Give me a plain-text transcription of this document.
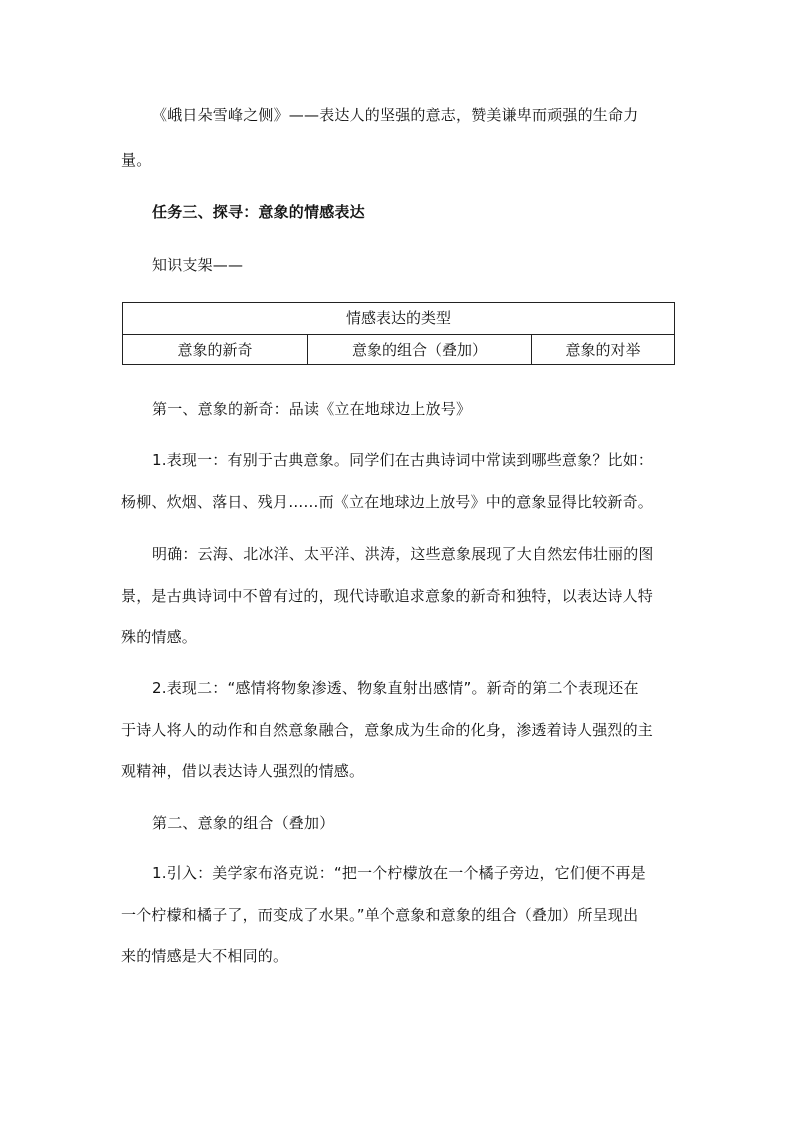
《峨日朵雪峰之侧》——表达人的坚强的意志，赞美谦卑而顽强的生命力
量。
任务三、探寻：意象的情感表达
知识支架——
情感表达的类型
意象的新奇	意象的组合（叠加）	意象的对举
第一、意象的新奇：品读《立在地球边上放号》
1.表现一：有别于古典意象。同学们在古典诗词中常读到哪些意象？比如：
杨柳、炊烟、落日、残月……而《立在地球边上放号》中的意象显得比较新奇。
明确：云海、北冰洋、太平洋、洪涛，这些意象展现了大自然宏伟壮丽的图
景，是古典诗词中不曾有过的，现代诗歌追求意象的新奇和独特，以表达诗人特
殊的情感。
2.表现二：“感情将物象渗透、物象直射出感情”。新奇的第二个表现还在
于诗人将人的动作和自然意象融合，意象成为生命的化身，渗透着诗人强烈的主
观精神，借以表达诗人强烈的情感。
第二、意象的组合（叠加）
1.引入：美学家布洛克说：“把一个柠檬放在一个橘子旁边，它们便不再是
一个柠檬和橘子了，而变成了水果。”单个意象和意象的组合（叠加）所呈现出
来的情感是大不相同的。
